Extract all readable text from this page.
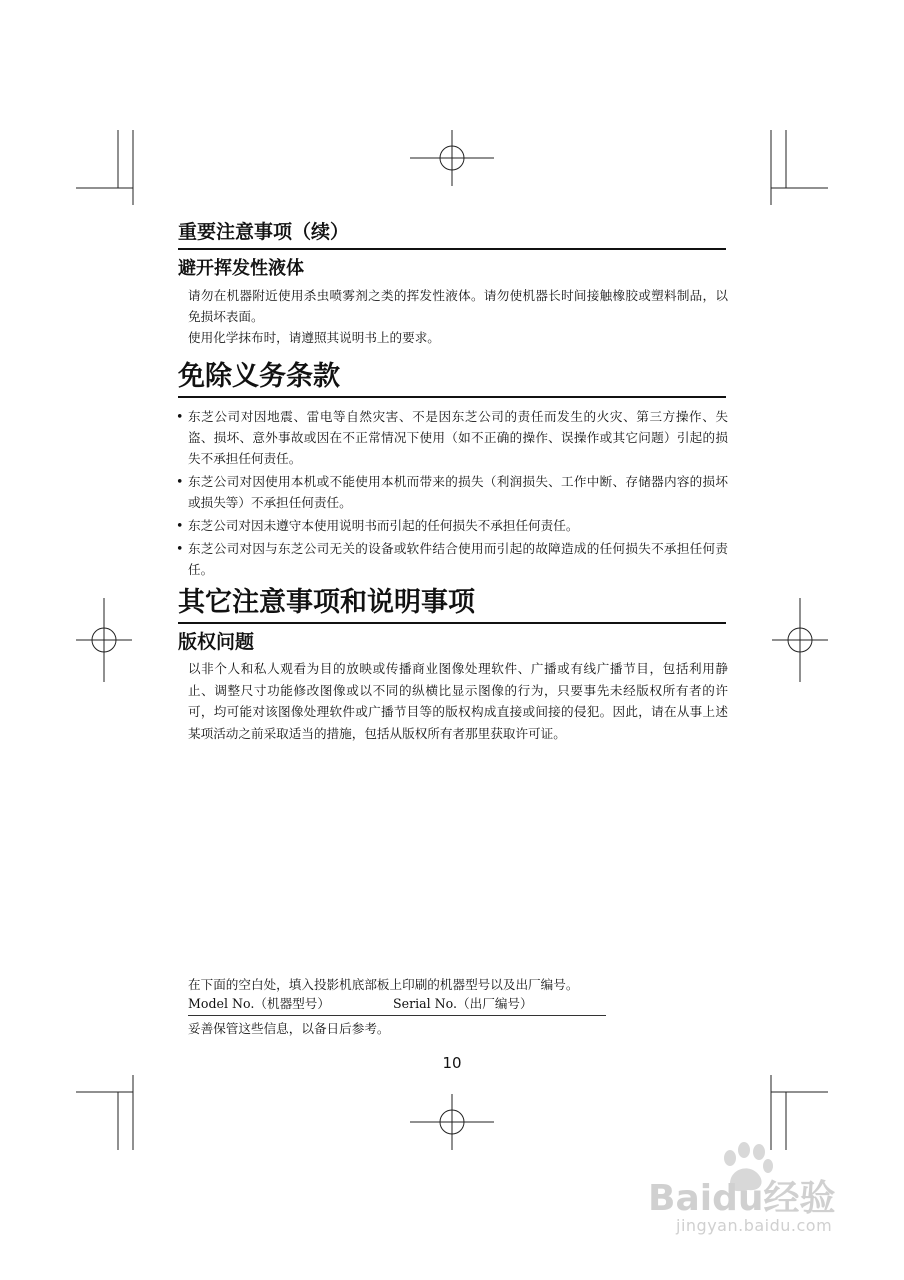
重要注意事项（续）
避开挥发性液体

请勿在机器附近使用杀虫喷雾剂之类的挥发性液体。请勿使机器长时间接触橡胶或塑料制品，以免损坏表面。

使用化学抹布时，请遵照其说明书上的要求。

免除义务条款
• 东芝公司对因地震、雷电等自然灾害、不是因东芝公司的责任而发生的火灾、第三方操作、失盗、损坏、意外事故或因在不正常情况下使用（如不正确的操作、误操作或其它问题）引起的损失不承担任何责任。
• 东芝公司对因使用本机或不能使用本机而带来的损失（利润损失、工作中断、存储器内容的损坏或损失等）不承担任何责任。
• 东芝公司对因未遵守本使用说明书而引起的任何损失不承担任何责任。
• 东芝公司对因与东芝公司无关的设备或软件结合使用而引起的故障造成的任何损失不承担任何责任。
其它注意事项和说明事项
版权问题

以非个人和私人观看为目的放映或传播商业图像处理软件、广播或有线广播节目，包括利用静止、调整尺寸功能修改图像或以不同的纵横比显示图像的行为，只要事先未经版权所有者的许可，均可能对该图像处理软件或广播节目等的版权构成直接或间接的侵犯。因此，请在从事上述某项活动之前采取适当的措施，包括从版权所有者那里获取许可证。

在下面的空白处，填入投影机底部板上印刷的机器型号以及出厂编号。
Model No.（机器型号）	Serial No.（出厂编号）
妥善保管这些信息，以备日后参考。
10
Baidu经验
jingyan.baidu.com
